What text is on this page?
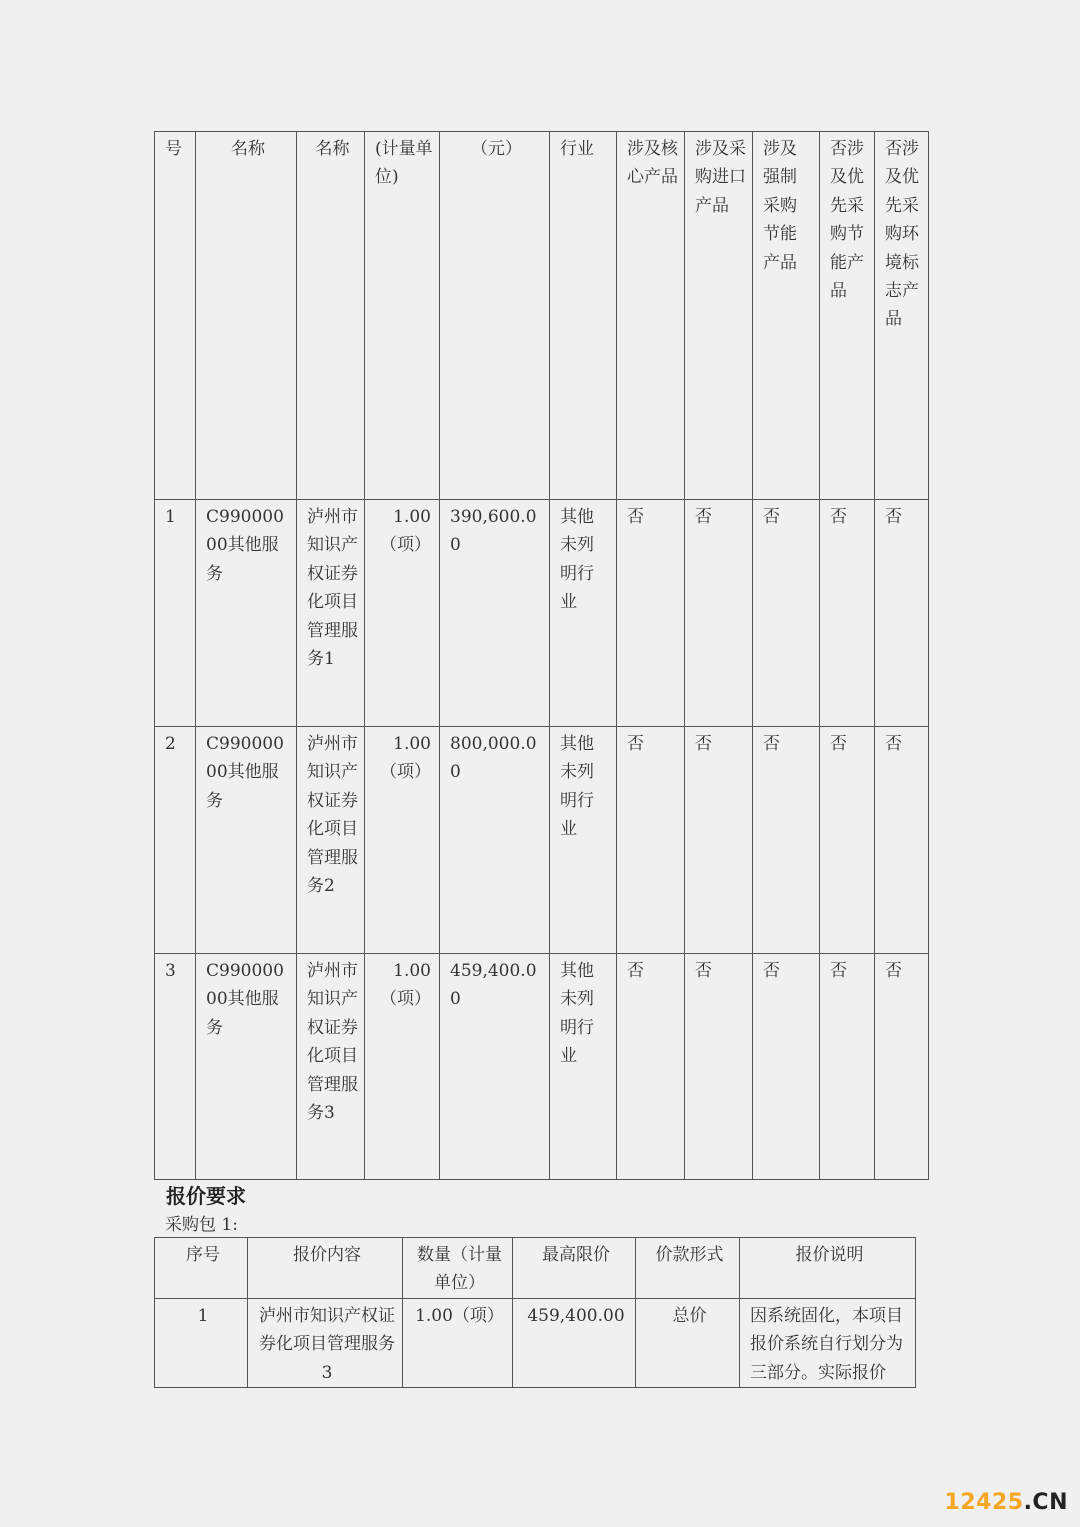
号	名称	名称	(计量单位)	（元）	行业	涉及核心产品	涉及采购进口产品	涉及强制采购节能产品	否涉及优先采购节能产品	否涉及优先采购环境标志产品
1	C99000000其他服务	泸州市知识产权证券化项目管理服务1	1.00（项）	390,600.00	其他未列明行业	否	否	否	否	否
2	C99000000其他服务	泸州市知识产权证券化项目管理服务2	1.00（项）	800,000.00	其他未列明行业	否	否	否	否	否
3	C99000000其他服务	泸州市知识产权证券化项目管理服务3	1.00（项）	459,400.00	其他未列明行业	否	否	否	否	否
报价要求
采购包 1:
序号	报价内容	数量（计量单位）	最高限价	价款形式	报价说明
1	泸州市知识产权证券化项目管理服务3	1.00（项）	459,400.00	总价	因系统固化，本项目报价系统自行划分为三部分。实际报价
12425.CN
